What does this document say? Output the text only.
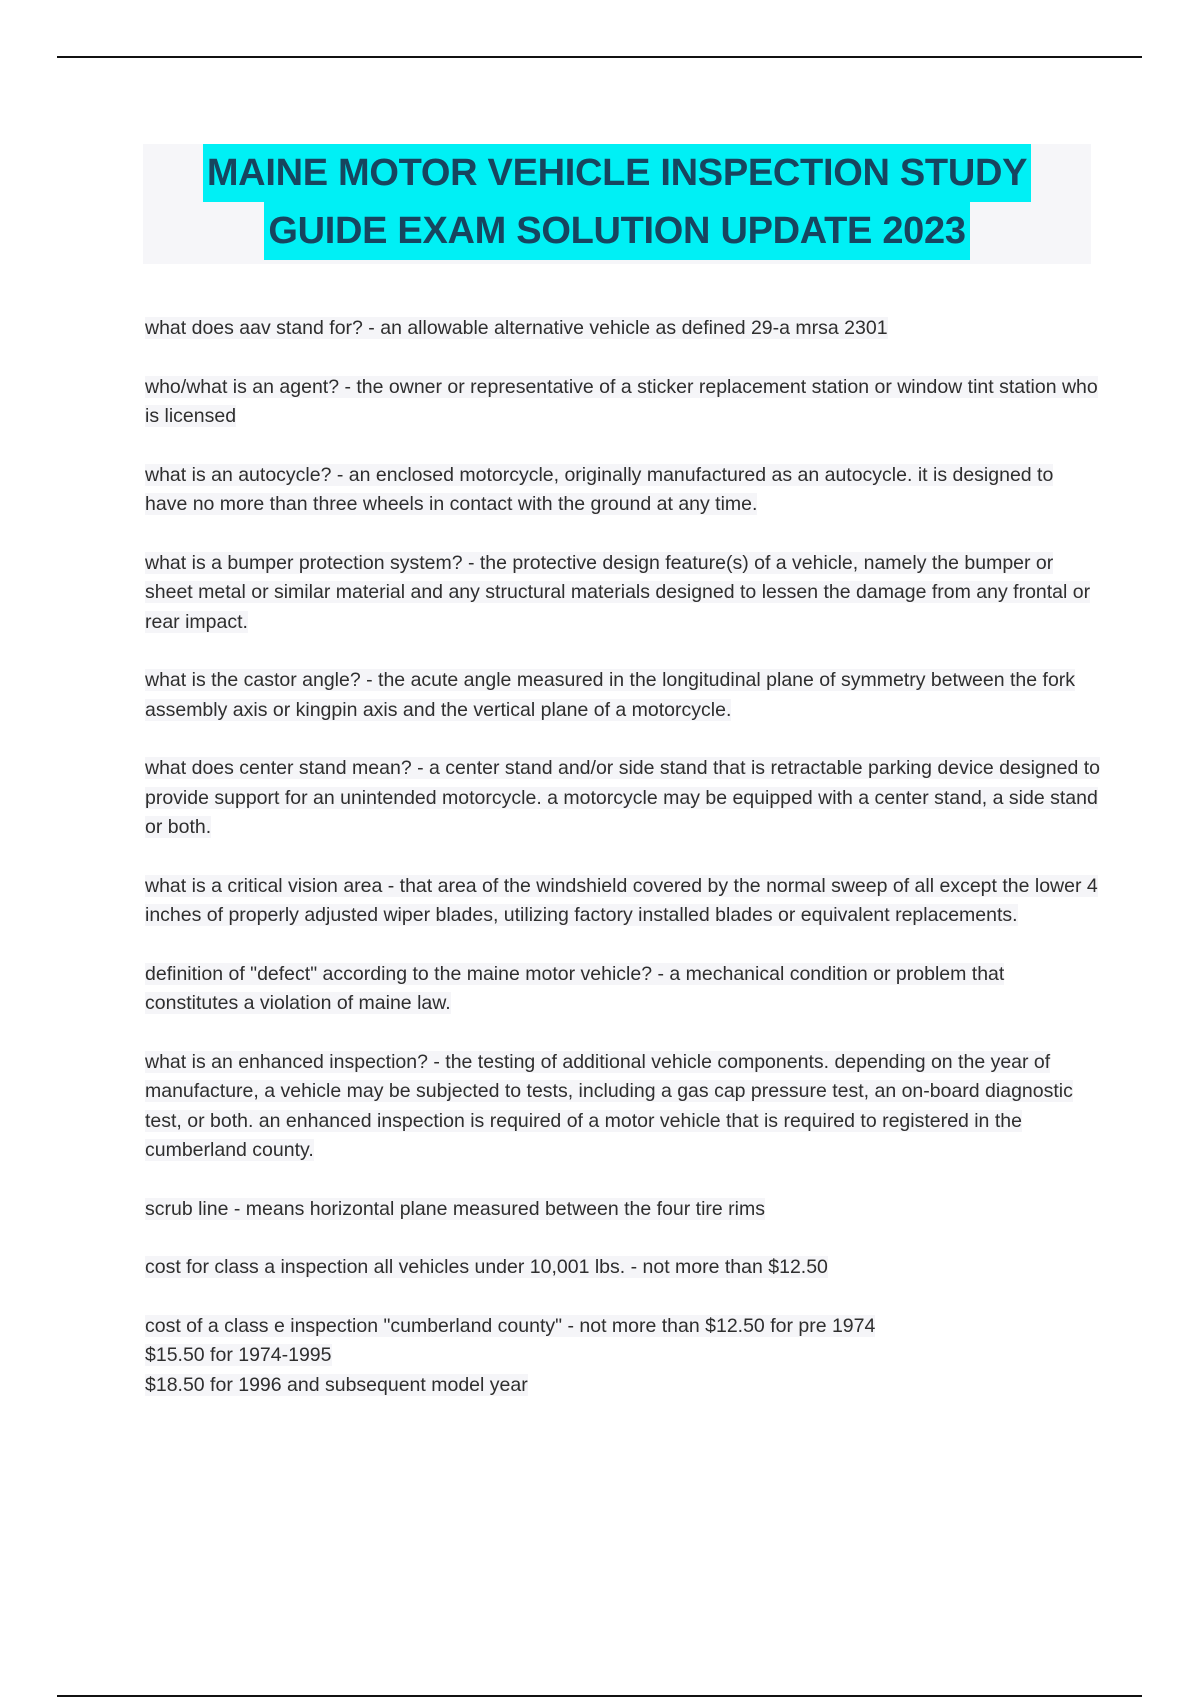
MAINE MOTOR VEHICLE INSPECTION STUDY
GUIDE EXAM SOLUTION UPDATE 2023

what does aav stand for? - an allowable alternative vehicle as defined 29-a mrsa 2301

who/what is an agent? - the owner or representative of a sticker replacement station or window tint station who is licensed

what is an autocycle? - an enclosed motorcycle, originally manufactured as an autocycle. it is designed to have no more than three wheels in contact with the ground at any time.

what is a bumper protection system? - the protective design feature(s) of a vehicle, namely the bumper or sheet metal or similar material and any structural materials designed to lessen the damage from any frontal or rear impact.

what is the castor angle? - the acute angle measured in the longitudinal plane of symmetry between the fork assembly axis or kingpin axis and the vertical plane of a motorcycle.

what does center stand mean? - a center stand and/or side stand that is retractable parking device designed to provide support for an unintended motorcycle. a motorcycle may be equipped with a center stand, a side stand or both.

what is a critical vision area - that area of the windshield covered by the normal sweep of all except the lower 4 inches of properly adjusted wiper blades, utilizing factory installed blades or equivalent replacements.

definition of "defect" according to the maine motor vehicle? - a mechanical condition or problem that constitutes a violation of maine law.

what is an enhanced inspection? - the testing of additional vehicle components. depending on the year of manufacture, a vehicle may be subjected to tests, including a gas cap pressure test, an on-board diagnostic test, or both. an enhanced inspection is required of a motor vehicle that is required to registered in the cumberland county.

scrub line - means horizontal plane measured between the four tire rims

cost for class a inspection all vehicles under 10,001 lbs. - not more than $12.50

cost of a class e inspection "cumberland county" - not more than $12.50 for pre 1974
$15.50 for 1974-1995
$18.50 for 1996 and subsequent model year
